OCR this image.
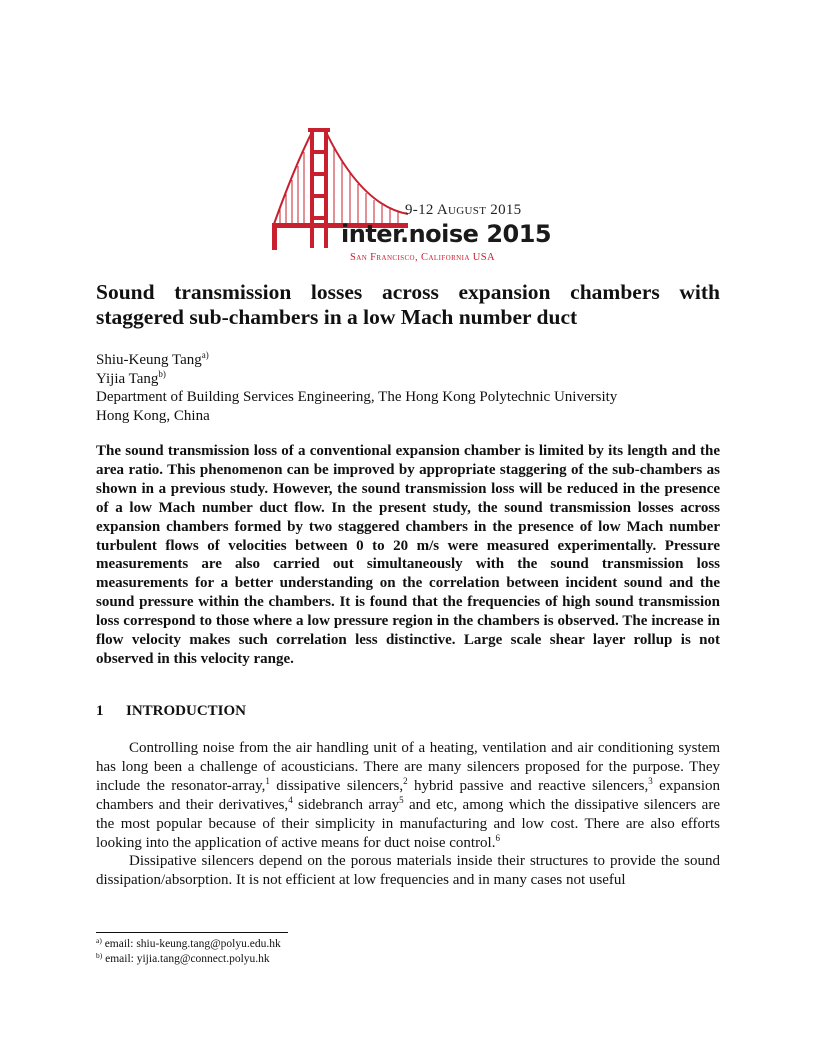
9-12 August 2015
inter.noise 2015
San Francisco, California USA
Sound transmission losses across expansion chambers with staggered sub-chambers in a low Mach number duct
Shiu-Keung Tang$^{a)}$
Yijia Tang$^{b)}$
Department of Building Services Engineering, The Hong Kong Polytechnic University
Hong Kong, China

The sound transmission loss of a conventional expansion chamber is limited by its length and the area ratio. This phenomenon can be improved by appropriate staggering of the sub-chambers as shown in a previous study. However, the sound transmission loss will be reduced in the presence of a low Mach number duct flow. In the present study, the sound transmission losses across expansion chambers formed by two staggered chambers in the presence of low Mach number turbulent flows of velocities between 0 to 20 m/s were measured experimentally. Pressure measurements are also carried out simultaneously with the sound transmission loss measurements for a better understanding on the correlation between incident sound and the sound pressure within the chambers. It is found that the frequencies of high sound transmission loss correspond to those where a low pressure region in the chambers is observed. The increase in flow velocity makes such correlation less distinctive. Large scale shear layer rollup is not observed in this velocity range.

1 INTRODUCTION

Controlling noise from the air handling unit of a heating, ventilation and air conditioning system has long been a challenge of acousticians. There are many silencers proposed for the purpose. They include the resonator-array,$^1$ dissipative silencers,$^2$ hybrid passive and reactive silencers,$^3$ expansion chambers and their derivatives,$^4$ sidebranch array$^5$ and etc, among which the dissipative silencers are the most popular because of their simplicity in manufacturing and low cost. There are also efforts looking into the application of active means for duct noise control.$^6$

Dissipative silencers depend on the porous materials inside their structures to provide the sound dissipation/absorption. It is not efficient at low frequencies and in many cases not useful

$^{a)}$ email: shiu-keung.tang@polyu.edu.hk
$^{b)}$ email: yijia.tang@connect.polyu.hk
